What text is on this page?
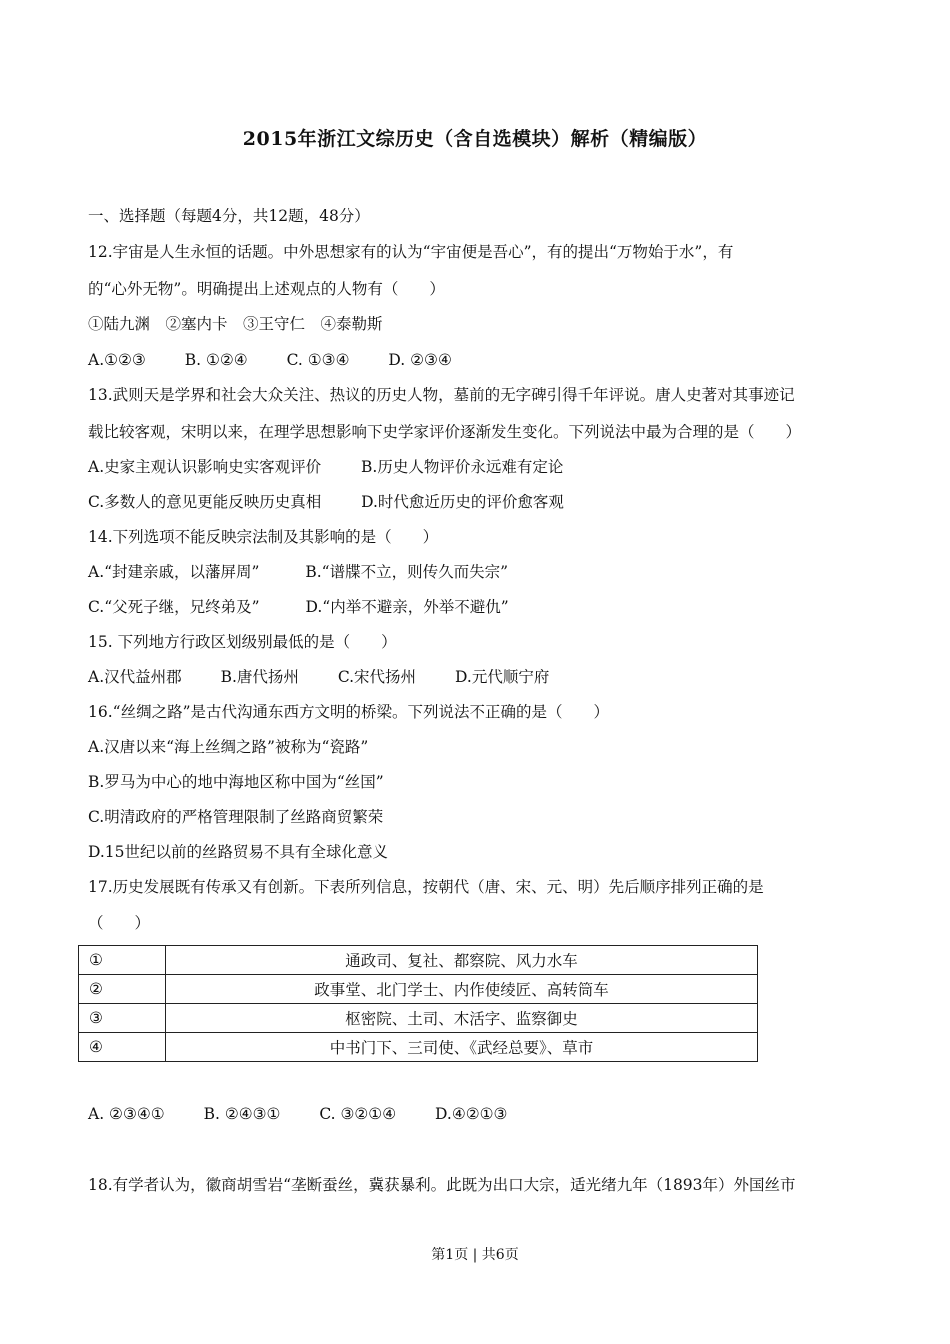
2015年浙江文综历史（含自选模块）解析（精编版）
一、选择题（每题4分，共12题，48分）
12.宇宙是人生永恒的话题。中外思想家有的认为“宇宙便是吾心”，有的提出“万物始于水”，有
的“心外无物”。明确提出上述观点的人物有（　　）
①陆九渊　②塞内卡　③王守仁　④泰勒斯
A.①②③	B. ①②④	C. ①③④	D. ②③④
13.武则天是学界和社会大众关注、热议的历史人物，墓前的无字碑引得千年评说。唐人史著对其事迹记
载比较客观，宋明以来，在理学思想影响下史学家评价逐渐发生变化。下列说法中最为合理的是（　　）
A.史家主观认识影响史实客观评价	B.历史人物评价永远难有定论
C.多数人的意见更能反映历史真相	D.时代愈近历史的评价愈客观
14.下列选项不能反映宗法制及其影响的是（　　）
A.“封建亲戚，以藩屏周”	B.“谱牒不立，则传久而失宗”
C.“父死子继，兄终弟及”	D.“内举不避亲，外举不避仇”
15. 下列地方行政区划级别最低的是（　　）
A.汉代益州郡	B.唐代扬州	C.宋代扬州	D.元代顺宁府
16.“丝绸之路”是古代沟通东西方文明的桥梁。下列说法不正确的是（　　）
A.汉唐以来“海上丝绸之路”被称为“瓷路”
B.罗马为中心的地中海地区称中国为“丝国”
C.明清政府的严格管理限制了丝路商贸繁荣
D.15世纪以前的丝路贸易不具有全球化意义
17.历史发展既有传承又有创新。下表所列信息，按朝代（唐、宋、元、明）先后顺序排列正确的是
（　　）
①	通政司、复社、都察院、风力水车
②	政事堂、北门学士、内作使绫匠、高转筒车
③	枢密院、土司、木活字、监察御史
④	中书门下、三司使、《武经总要》、草市
A. ②③④①	B. ②④③①	C. ③②①④	D.④②①③
18.有学者认为，徽商胡雪岩“垄断蚕丝，冀获暴利。此既为出口大宗，适光绪九年（1893年）外国丝市
第1页 | 共6页
